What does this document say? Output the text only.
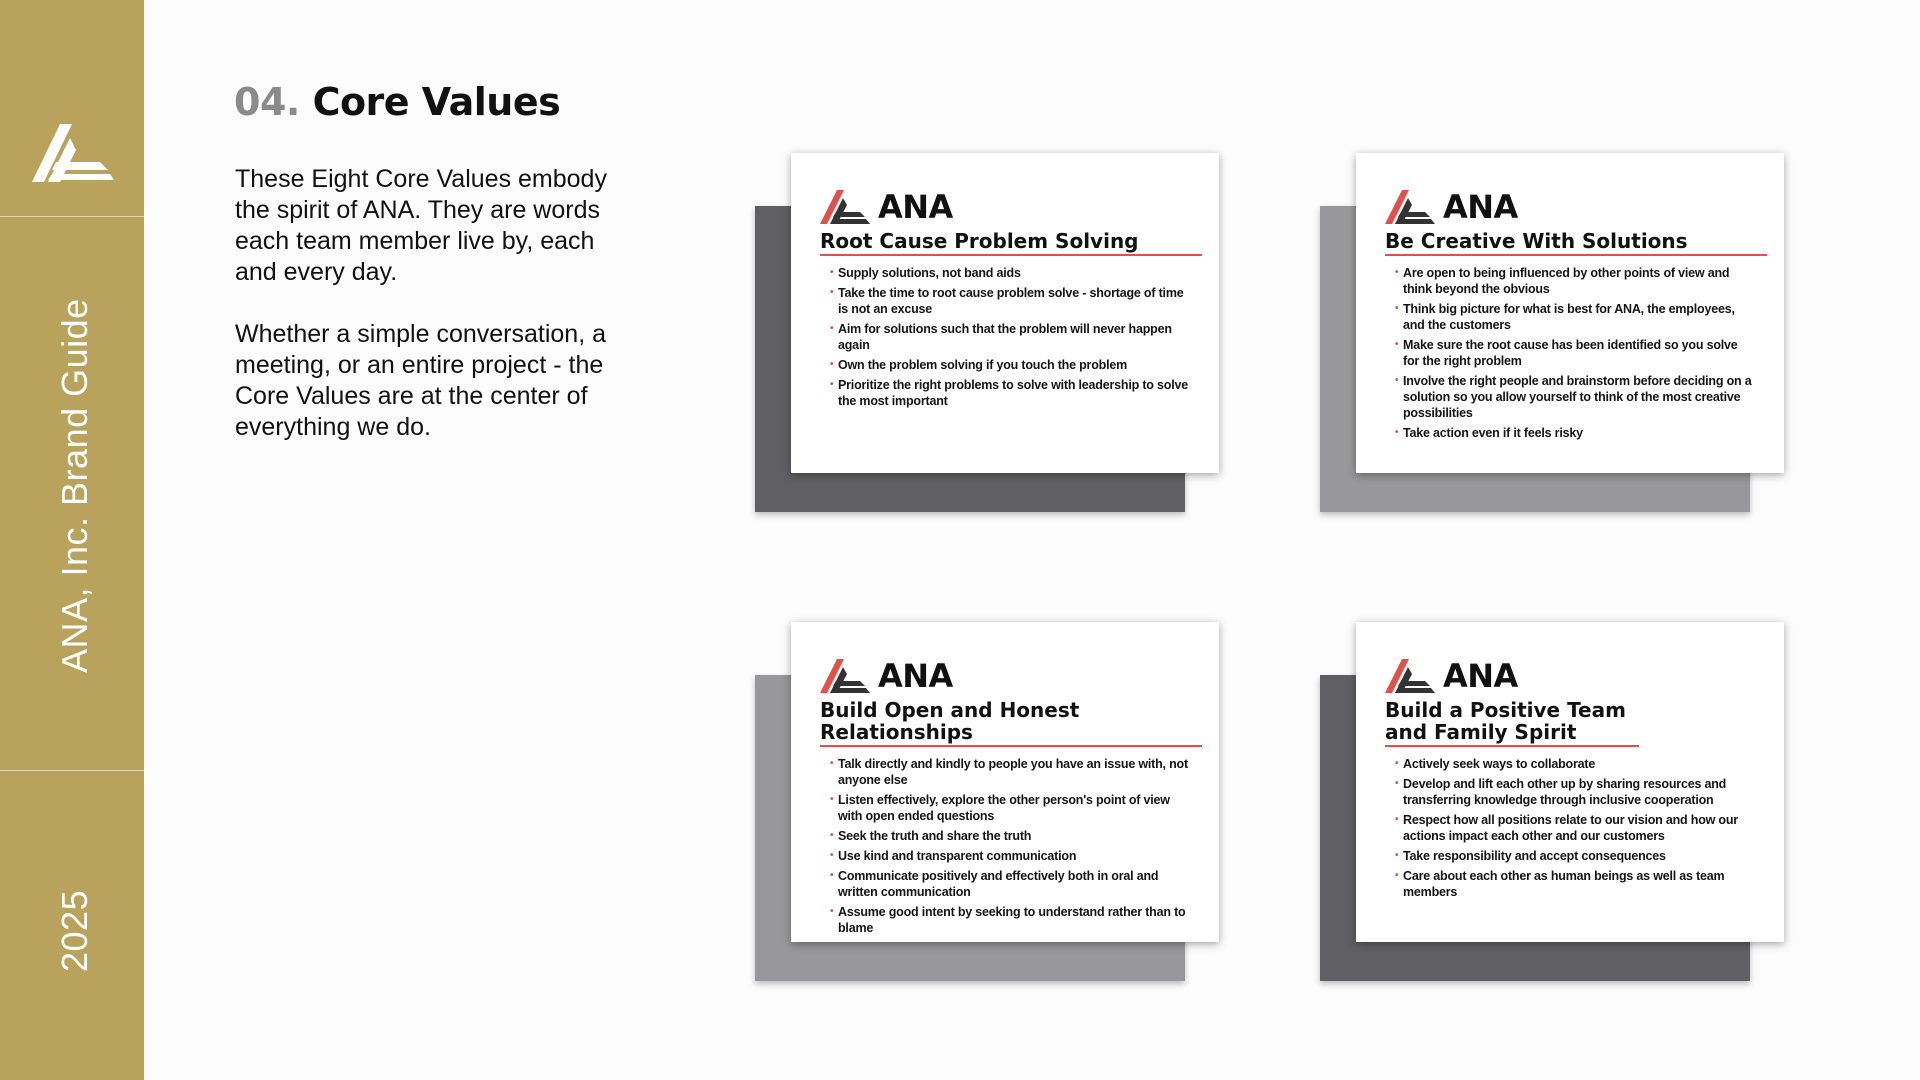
ANA, Inc. Brand Guide
2025
04. Core Values

These Eight Core Values embody the spirit of ANA. They are words each team member live by, each and every day.

Whether a simple conversation, a meeting, or an entire project - the Core Values are at the center of everything we do.

ANA
Root Cause Problem Solving
• Supply solutions, not band aids
• Take the time to root cause problem solve - shortage of time is not an excuse
• Aim for solutions such that the problem will never happen again
• Own the problem solving if you touch the problem
• Prioritize the right problems to solve with leadership to solve the most important
ANA
Be Creative With Solutions
• Are open to being influenced by other points of view and think beyond the obvious
• Think big picture for what is best for ANA, the employees, and the customers
• Make sure the root cause has been identified so you solve for the right problem
• Involve the right people and brainstorm before deciding on a solution so you allow yourself to think of the most creative possibilities
• Take action even if it feels risky
ANA
Build Open and Honest Relationships
• Talk directly and kindly to people you have an issue with, not anyone else
• Listen effectively, explore the other person's point of view with open ended questions
• Seek the truth and share the truth
• Use kind and transparent communication
• Communicate positively and effectively both in oral and written communication
• Assume good intent by seeking to understand rather than to blame
ANA
Build a Positive Team and Family Spirit
• Actively seek ways to collaborate
• Develop and lift each other up by sharing resources and transferring knowledge through inclusive cooperation
• Respect how all positions relate to our vision and how our actions impact each other and our customers
• Take responsibility and accept consequences
• Care about each other as human beings as well as team members
